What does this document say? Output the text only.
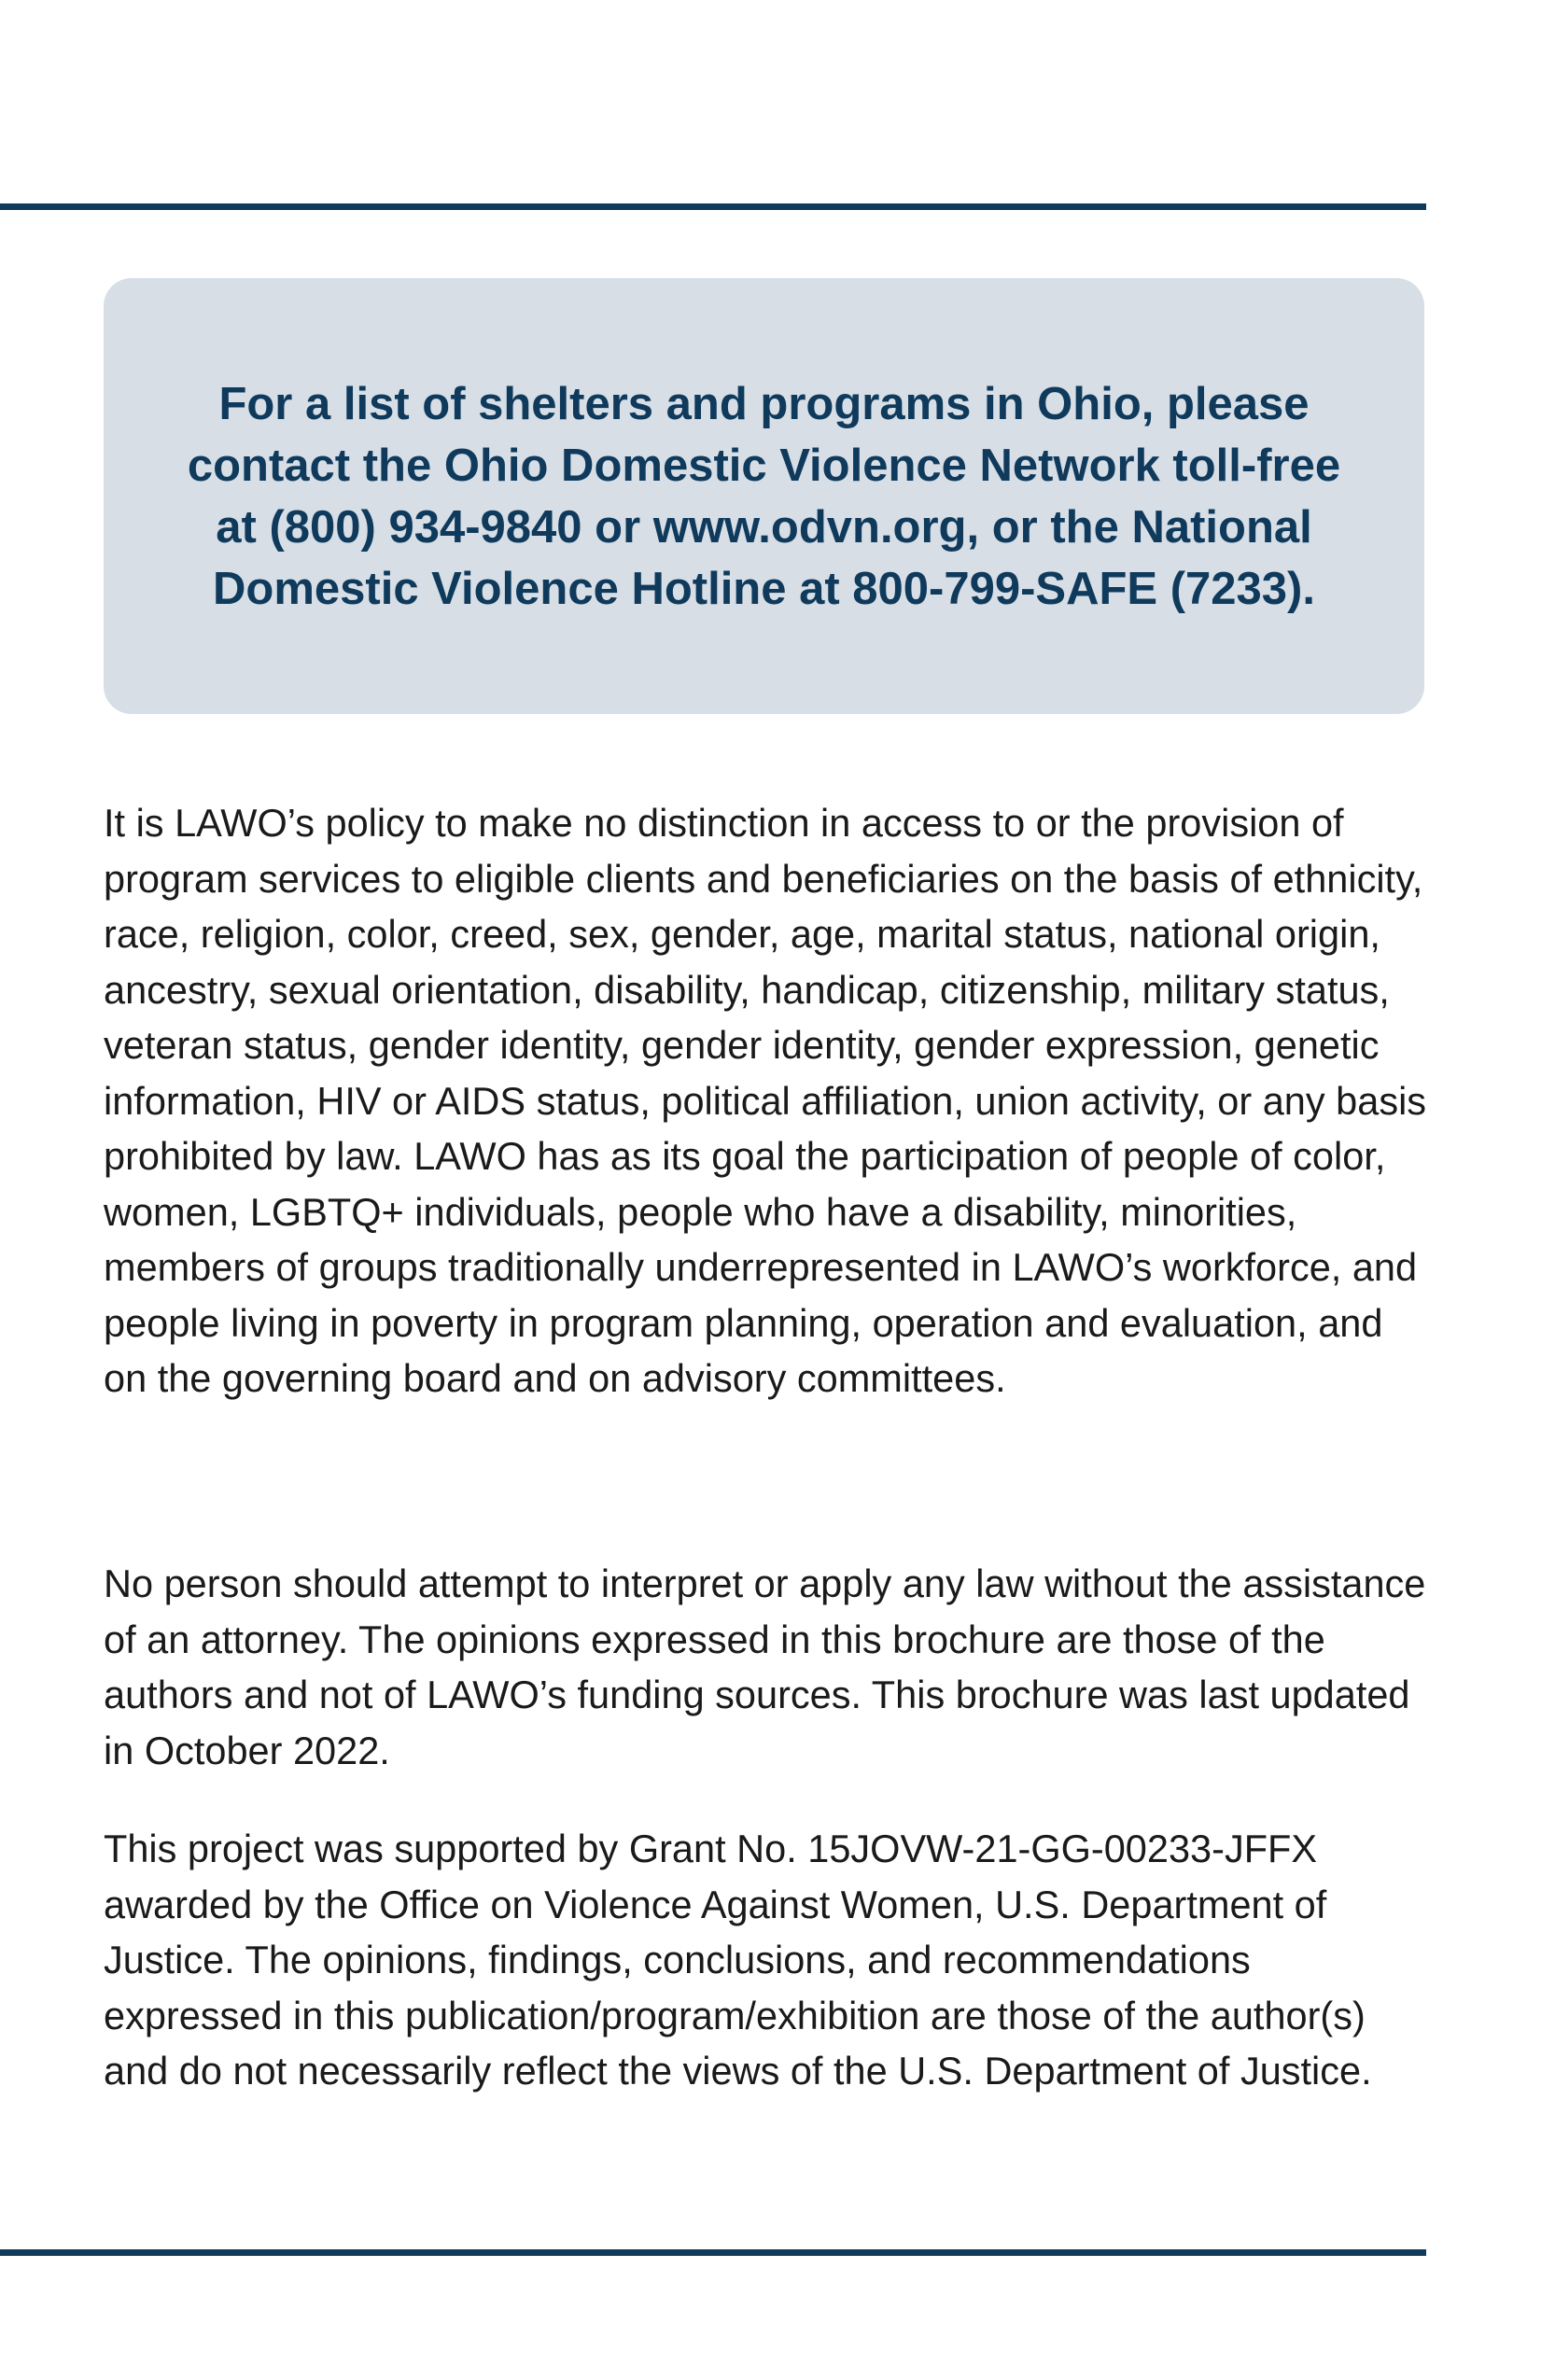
For a list of shelters and programs in Ohio, please contact the Ohio Domestic Violence Network toll-free at (800) 934-9840 or www.odvn.org, or the National Domestic Violence Hotline at 800-799-SAFE (7233).

It is LAWO’s policy to make no distinction in access to or the provision of program services to eligible clients and beneficiaries on the basis of ethnicity, race, religion, color, creed, sex, gender, age, marital status, national origin, ancestry, sexual orientation, disability, handicap, citizenship, military status, veteran status, gender identity, gender identity, gender expression, genetic information, HIV or AIDS status, political affiliation, union activity, or any basis prohibited by law. LAWO has as its goal the participation of people of color, women, LGBTQ+ individuals, people who have a disability, minorities, members of groups traditionally underrepresented in LAWO’s workforce, and people living in poverty in program planning, operation and evaluation, and on the governing board and on advisory committees.

No person should attempt to interpret or apply any law without the assistance of an attorney. The opinions expressed in this brochure are those of the authors and not of LAWO’s funding sources. This brochure was last updated in October 2022.

This project was supported by Grant No. 15JOVW-21-GG-00233-JFFX awarded by the Office on Violence Against Women, U.S. Department of Justice. The opinions, findings, conclusions, and recommendations expressed in this publication/program/exhibition are those of the author(s) and do not necessarily reflect the views of the U.S. Department of Justice.
